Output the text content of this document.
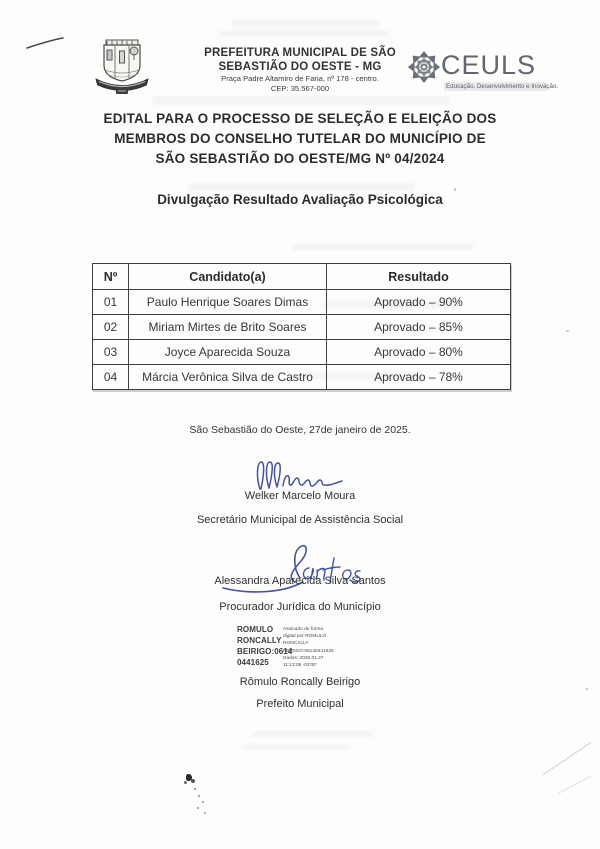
PREFEITURA MUNICIPAL DE SÃO
SEBASTIÃO DO OESTE - MG
Praça Padre Altamiro de Faria, nº 178 - centro.
CEP: 35.567-000
CEULS
Educação, Desenvolvimento e Inovação.
EDITAL PARA O PROCESSO DE SELEÇÃO E ELEIÇÃO DOS
MEMBROS DO CONSELHO TUTELAR DO MUNICÍPIO DE
SÃO SEBASTIÃO DO OESTE/MG Nº 04/2024
Divulgação Resultado Avaliação Psicológica
Nº	Candidato(a)	Resultado
01	Paulo Henrique Soares Dimas	Aprovado – 90%
02	Miriam Mirtes de Brito Soares	Aprovado – 85%
03	Joyce Aparecida Souza	Aprovado – 80%
04	Márcia Verônica Silva de Castro	Aprovado – 78%
São Sebastião do Oeste, 27de janeiro de 2025.
Welker Marcelo Moura
Secretário Municipal de Assistência Social
Alessandra Aparecida Silva Santos
Procurador Jurídica do Município
ROMULO
RONCALLY
BEIRIGO:0614
0441625
Assinado de forma
digital por ROMULO
RONCALLY
BEIRIGO:06140441625
Dados: 2025.01.27
11:13:05 -03'00'
Rômulo Roncally Beirigo
Prefeito Municipal
